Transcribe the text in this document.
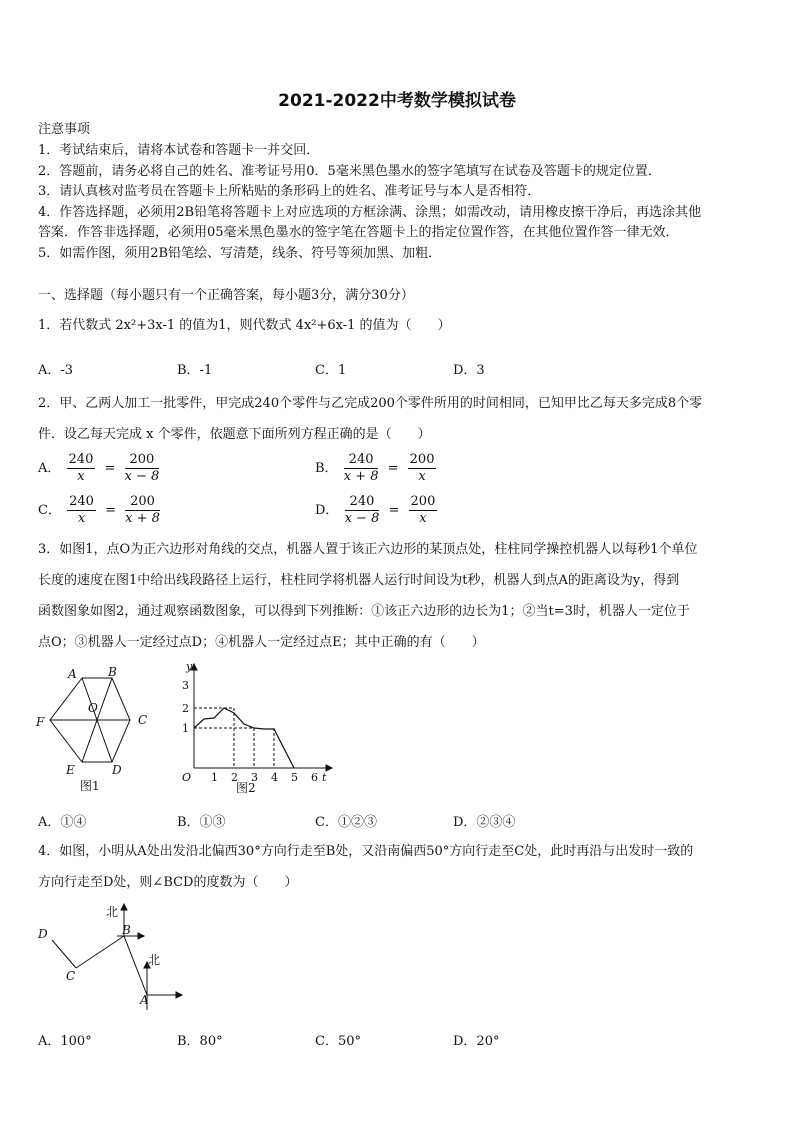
2021-2022中考数学模拟试卷
注意事项
1．考试结束后，请将本试卷和答题卡一并交回．
2．答题前，请务必将自己的姓名、准考证号用0．5毫米黑色墨水的签字笔填写在试卷及答题卡的规定位置．
3．请认真核对监考员在答题卡上所粘贴的条形码上的姓名、准考证号与本人是否相符．
4．作答选择题，必须用2B铅笔将答题卡上对应选项的方框涂满、涂黑；如需改动，请用橡皮擦干净后，再选涂其他
答案．作答非选择题，必须用05毫米黑色墨水的签字笔在答题卡上的指定位置作答，在其他位置作答一律无效．
5．如需作图，须用2B铅笔绘、写清楚，线条、符号等须加黑、加粗．
一、选择题（每小题只有一个正确答案，每小题3分，满分30分）
1．若代数式 2x²+3x-1 的值为1，则代数式 4x²+6x-1 的值为（　　）
A．-3	B．-1	C．1	D．3
2．甲、乙两人加工一批零件，甲完成240个零件与乙完成200个零件所用的时间相同，已知甲比乙每天多完成8个零
件．设乙每天完成 x 个零件，依题意下面所列方程正确的是（　　）
A． $\frac{240}{x} = \frac{200}{x - 8}$	B． $\frac{240}{x + 8} = \frac{200}{x}$
C． $\frac{240}{x} = \frac{200}{x + 8}$	D． $\frac{240}{x - 8} = \frac{200}{x}$
3．如图1，点O为正六边形对角线的交点，机器人置于该正六边形的某顶点处，柱柱同学操控机器人以每秒1个单位
长度的速度在图1中给出线段路径上运行，柱柱同学将机器人运行时间设为t秒，机器人到点A的距离设为y，得到
函数图象如图2，通过观察函数图象，可以得到下列推断：①该正六边形的边长为1；②当t=3时，机器人一定位于
点O；③机器人一定经过点D；④机器人一定经过点E；其中正确的有（　　）
A	B
C
D
E
F
O
图1
3
2
1
1 2 3 4 5 6
O	t
y
图2
A．①④	B．①③	C．①②③	D．②③④
4．如图，小明从A处出发沿北偏西30°方向行走至B处，又沿南偏西50°方向行走至C处，此时再沿与出发时一致的
方向行走至D处，则∠BCD的度数为（　　）
北
北
A
B
C
D
A．100°	B．80°	C．50°	D．20°
